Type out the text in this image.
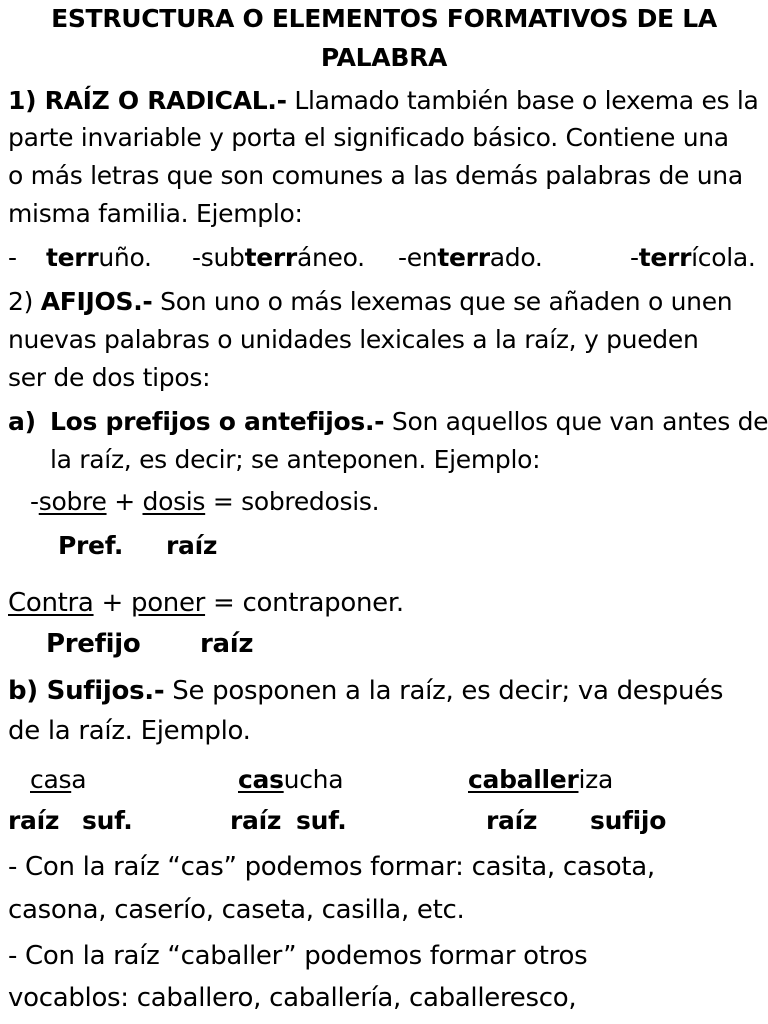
ESTRUCTURA O ELEMENTOS FORMATIVOS DE LA
PALABRA
1) RAÍZ O RADICAL.- Llamado también base o lexema es la
parte invariable y porta el significado básico. Contiene una
o más letras que son comunes a las demás palabras de una
misma familia. Ejemplo:
- terruño. -subterráneo. -enterrado.	-terrícola.
2) AFIJOS.- Son uno o más lexemas que se añaden o unen
nuevas palabras o unidades lexicales a la raíz, y pueden
ser de dos tipos:
a) Los prefijos o antefijos.- Son aquellos que van antes de
la raíz, es decir; se anteponen. Ejemplo:
-sobre + dosis = sobredosis.
Pref. raíz
Contra + poner = contraponer.
Prefijo raíz
b) Sufijos.- Se posponen a la raíz, es decir; va después
de la raíz. Ejemplo.
casa	casucha	caballeriza
raíz suf.	raíz suf.	raíz sufijo
- Con la raíz “cas” podemos formar: casita, casota,
casona, caserío, caseta, casilla, etc.
- Con la raíz “caballer” podemos formar otros
vocablos: caballero, caballería, caballeresco,
